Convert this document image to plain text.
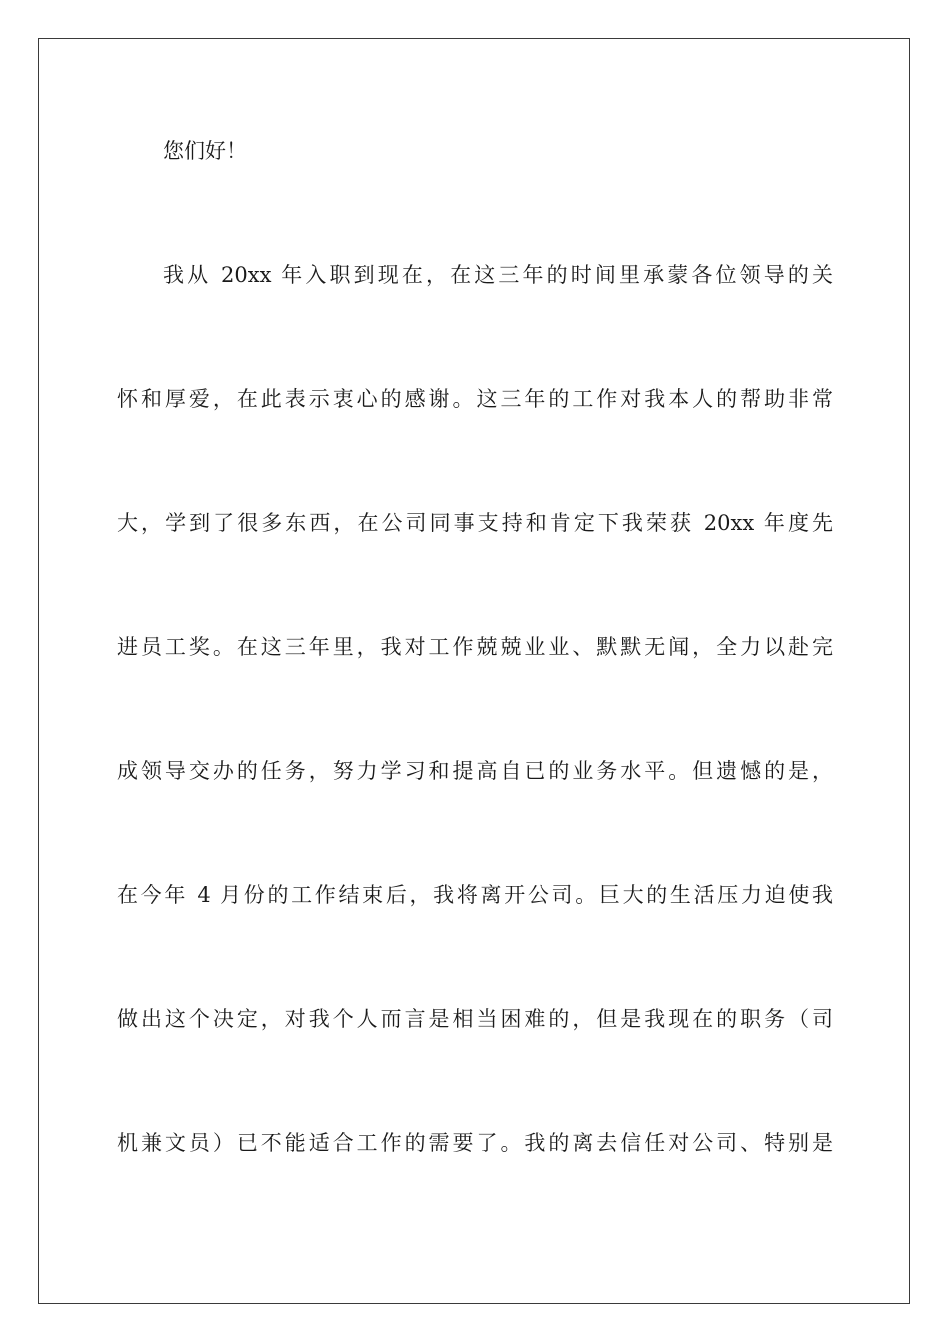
您们好！
我从 20xx 年入职到现在，在这三年的时间里承蒙各位领导的关
怀和厚爱，在此表示衷心的感谢。这三年的工作对我本人的帮助非常
大，学到了很多东西，在公司同事支持和肯定下我荣获 20xx 年度先
进员工奖。在这三年里，我对工作兢兢业业、默默无闻，全力以赴完
成领导交办的任务，努力学习和提高自已的业务水平。但遗憾的是，
在今年 4 月份的工作结束后，我将离开公司。巨大的生活压力迫使我
做出这个决定，对我个人而言是相当困难的，但是我现在的职务（司
机兼文员）已不能适合工作的需要了。我的离去信任对公司、特别是
